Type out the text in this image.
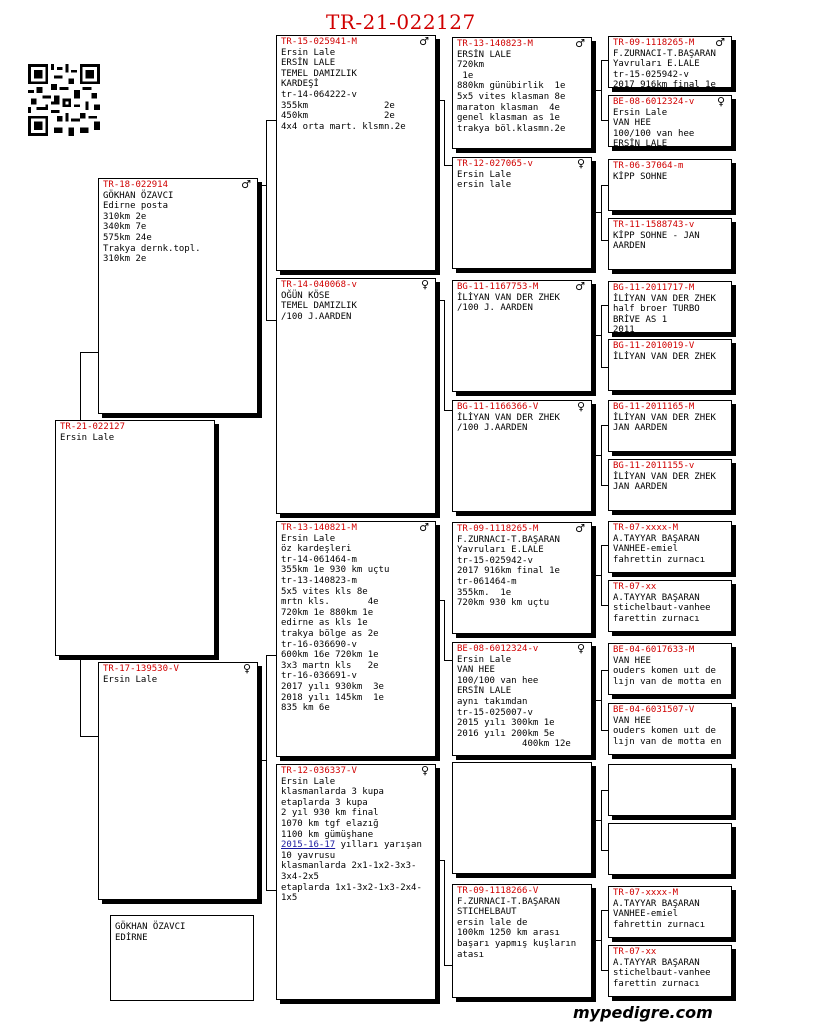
TR-21-022127
TR-21-022127
Ersin Lale
TR-18-022914	♂
GÖKHAN ÖZAVCI
Edirne posta
310km 2e
340km 7e
575km 24e
Trakya dernk.topl.
310km 2e
TR-17-139530-V	♀
Ersin Lale
TR-15-025941-M	♂
Ersin Lale
ERSİN LALE
TEMEL DAMIZLIK
KARDEŞİ
tr-14-064222-v
355km              2e
450km              2e
4x4 orta mart. klsmn.2e
TR-14-040068-v	♀
OĞÜN KÖSE
TEMEL DAMIZLIK
/100 J.AARDEN
TR-13-140821-M	♂
Ersin Lale
öz kardeşleri
tr-14-061464-m
355km 1e 930 km uçtu
tr-13-140823-m
5x5 vites kls 8e
mrtn kls.       4e
720km 1e 880km 1e
edirne as kls 1e
trakya bölge as 2e
tr-16-036690-v
600km 16e 720km 1e
3x3 martn kls   2e
tr-16-036691-v
2017 yılı 930km  3e
2018 yılı 145km  1e
835 km 6e
TR-12-036337-V	♀
Ersin Lale
klasmanlarda 3 kupa
etaplarda 3 kupa
2 yıl 930 km final
1070 km tgf elazığ
1100 km gümüşhane
2015-16-17 yılları yarışan
10 yavrusu
klasmanlarda 2x1-1x2-3x3-
3x4-2x5
etaplarda 1x1-3x2-1x3-2x4-
1x5
TR-13-140823-M	♂
ERSİN LALE
720km
1e
880km günübirlik  1e
5x5 vites klasman 8e
maraton klasman  4e
genel klasman as 1e
trakya böl.klasmn.2e
TR-12-027065-v	♀
Ersin Lale
ersin lale
BG-11-1167753-M	♂
İLİYAN VAN DER ZHEK
/100 J. AARDEN
BG-11-1166366-V	♀
İLİYAN VAN DER ZHEK
/100 J.AARDEN
TR-09-1118265-M	♂
F.ZURNACI-T.BAŞARAN
Yavruları E.LALE
tr-15-025942-v
2017 916km final 1e
tr-061464-m
355km.  1e
720km 930 km uçtu
BE-08-6012324-v	♀
Ersin Lale
VAN HEE
100/100 van hee
ERSİN LALE
aynı takımdan
tr-15-025007-v
2015 yılı 300km 1e
2016 yılı 200km 5e
400km 12e
TR-09-1118266-V
F.ZURNACI-T.BAŞARAN
STICHELBAUT
ersin lale de
100km 1250 km arası
başarı yapmış kuşların
atası
TR-09-1118265-M	♂
F.ZURNACI-T.BAŞARAN
Yavruları E.LALE
tr-15-025942-v
2017 916km final 1e
BE-08-6012324-v	♀
Ersin Lale
VAN HEE
100/100 van hee
ERSİN LALE
TR-06-37064-m
KİPP SOHNE
TR-11-1588743-v
KİPP SOHNE - JAN
AARDEN
BG-11-2011717-M
İLİYAN VAN DER ZHEK
half broer TURBO
BRİVE AS 1
2011
BG-11-2010019-V
İLİYAN VAN DER ZHEK
BG-11-2011165-M
İLİYAN VAN DER ZHEK
JAN AARDEN
BG-11-2011155-v
İLİYAN VAN DER ZHEK
JAN AARDEN
TR-07-xxxx-M
A.TAYYAR BAŞARAN
VANHEE-emiel
fahrettin zurnacı
TR-07-xx
A.TAYYAR BAŞARAN
stichelbaut-vanhee
farettin zurnacı
BE-04-6017633-M
VAN HEE
ouders komen uıt de
lıjn van de motta en
BE-04-6031507-V
VAN HEE
ouders komen uıt de
lıjn van de motta en
TR-07-xxxx-M
A.TAYYAR BAŞARAN
VANHEE-emiel
fahrettin zurnacı
TR-07-xx
A.TAYYAR BAŞARAN
stichelbaut-vanhee
farettin zurnacı
GÖKHAN ÖZAVCI
EDİRNE
mypedigre.com
